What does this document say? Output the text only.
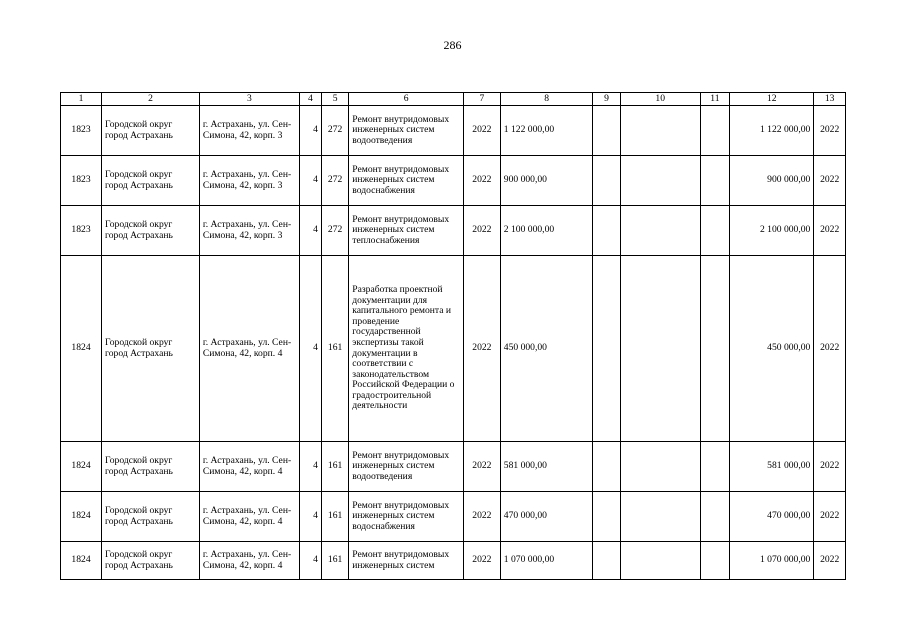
286
1	2	3	4	5	6	7	8	9	10	11	12	13
1823	Городской округ город Астрахань	г. Астрахань, ул. Сен-Симона, 42, корп. 3	4	272	Ремонт внутридомовых инженерных систем водоотведения	2022	1 122 000,00				1 122 000,00	2022
1823	Городской округ город Астрахань	г. Астрахань, ул. Сен-Симона, 42, корп. 3	4	272	Ремонт внутридомовых инженерных систем водоснабжения	2022	900 000,00				900 000,00	2022
1823	Городской округ город Астрахань	г. Астрахань, ул. Сен-Симона, 42, корп. 3	4	272	Ремонт внутридомовых инженерных систем теплоснабжения	2022	2 100 000,00				2 100 000,00	2022
1824	Городской округ город Астрахань	г. Астрахань, ул. Сен-Симона, 42, корп. 4	4	161	Разработка проектной документации для капитального ремонта и проведение государственной экспертизы такой документации в соответствии с законодательством Российской Федерации о градостроительной деятельности	2022	450 000,00				450 000,00	2022
1824	Городской округ город Астрахань	г. Астрахань, ул. Сен-Симона, 42, корп. 4	4	161	Ремонт внутридомовых инженерных систем водоотведения	2022	581 000,00				581 000,00	2022
1824	Городской округ город Астрахань	г. Астрахань, ул. Сен-Симона, 42, корп. 4	4	161	Ремонт внутридомовых инженерных систем водоснабжения	2022	470 000,00				470 000,00	2022
1824	Городской округ город Астрахань	г. Астрахань, ул. Сен-Симона, 42, корп. 4	4	161	Ремонт внутридомовых инженерных систем	2022	1 070 000,00				1 070 000,00	2022
